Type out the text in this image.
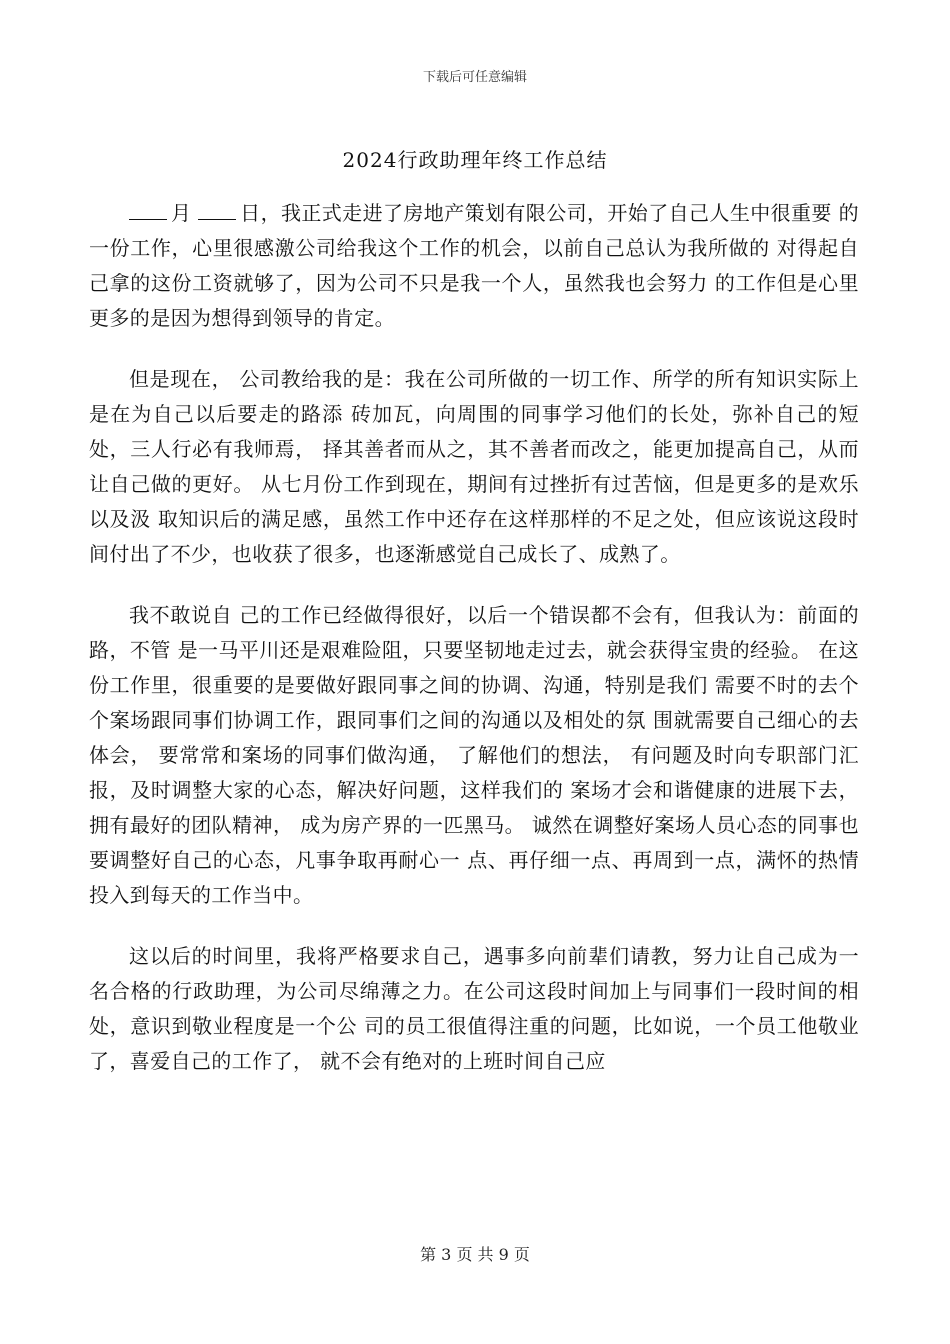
下载后可任意编辑
2024行政助理年终工作总结

月 日，我正式走进了房地产策划有限公司，开始了自己人生中很重要 的一份工作，心里很感激公司给我这个工作的机会，以前自己总认为我所做的 对得起自己拿的这份工资就够了，因为公司不只是我一个人，虽然我也会努力 的工作但是心里更多的是因为想得到领导的肯定。

但是现在， 公司教给我的是：我在公司所做的一切工作、所学的所有知识实际上是在为自己以后要走的路添 砖加瓦，向周围的同事学习他们的长处，弥补自己的短处，三人行必有我师焉， 择其善者而从之，其不善者而改之，能更加提高自己，从而让自己做的更好。 从七月份工作到现在，期间有过挫折有过苦恼，但是更多的是欢乐以及汲 取知识后的满足感，虽然工作中还存在这样那样的不足之处，但应该说这段时 间付出了不少，也收获了很多，也逐渐感觉自己成长了、成熟了。

我不敢说自 己的工作已经做得很好，以后一个错误都不会有，但我认为：前面的路，不管 是一马平川还是艰难险阻，只要坚韧地走过去，就会获得宝贵的经验。 在这份工作里，很重要的是要做好跟同事之间的协调、沟通，特别是我们 需要不时的去个个案场跟同事们协调工作，跟同事们之间的沟通以及相处的氛 围就需要自己细心的去体会， 要常常和案场的同事们做沟通， 了解他们的想法， 有问题及时向专职部门汇报，及时调整大家的心态，解决好问题，这样我们的 案场才会和谐健康的进展下去， 拥有最好的团队精神， 成为房产界的一匹黑马。 诚然在调整好案场人员心态的同事也要调整好自己的心态，凡事争取再耐心一 点、再仔细一点、再周到一点，满怀的热情投入到每天的工作当中。

这以后的时间里，我将严格要求自己，遇事多向前辈们请教，努力让自己成为一名合格的行政助理，为公司尽绵薄之力。在公司这段时间加上与同事们一段时间的相处，意识到敬业程度是一个公 司的员工很值得注重的问题，比如说，一个员工他敬业了，喜爱自己的工作了， 就不会有绝对的上班时间自己应

第 3 页 共 9 页
